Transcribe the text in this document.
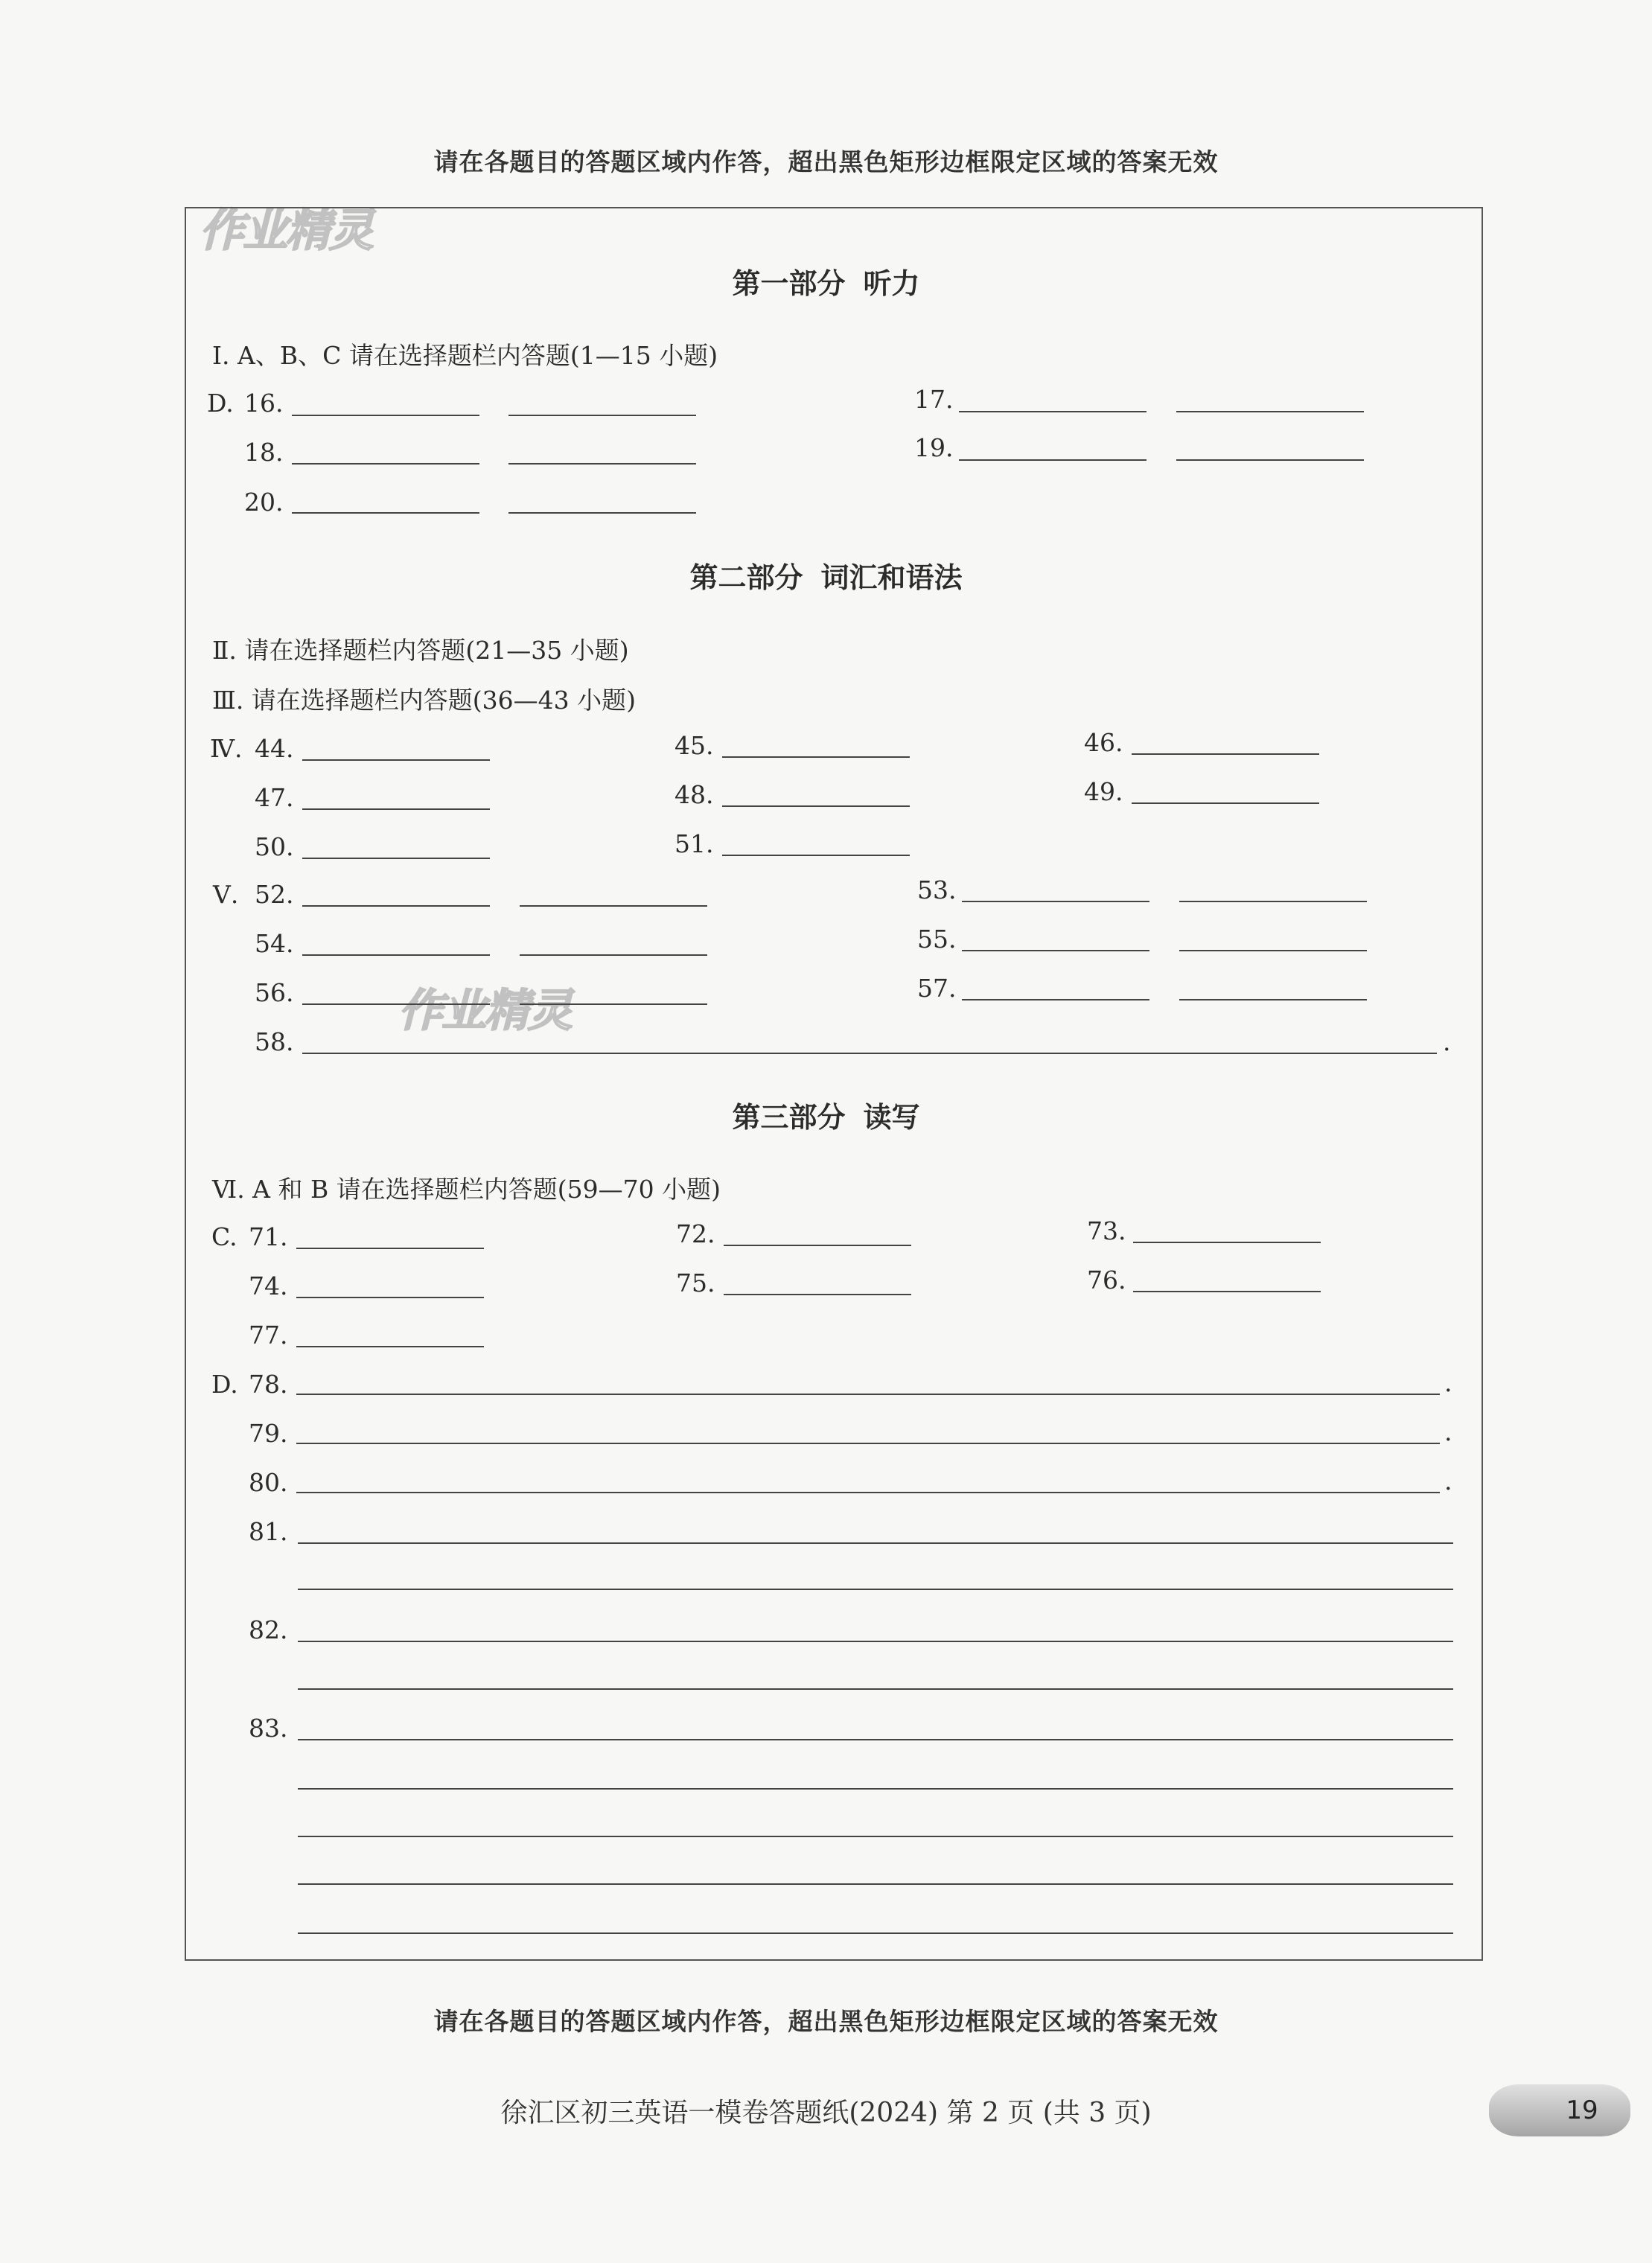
请在各题目的答题区域内作答，超出黑色矩形边框限定区域的答案无效
作业精灵
作业精灵
第一部分 听力
Ⅰ. A、B、C 请在选择题栏内答题(1—15 小题)
D. 16.	17.
18.	19.
20.
第二部分 词汇和语法
Ⅱ. 请在选择题栏内答题(21—35 小题)
Ⅲ. 请在选择题栏内答题(36—43 小题)
Ⅳ. 44.	45.	46.
47.	48.	49.
50.	51.
Ⅴ. 52.	53.
54.	55.
56.	57.
58.	.
第三部分 读写
Ⅵ. A 和 B 请在选择题栏内答题(59—70 小题)
C. 71.	72.	73.
74.	75.	76.
77.
D. 78.	.
79.	.
80.	.
81.
82.
83.
请在各题目的答题区域内作答，超出黑色矩形边框限定区域的答案无效
徐汇区初三英语一模卷答题纸(2024) 第 2 页 (共 3 页)	19
